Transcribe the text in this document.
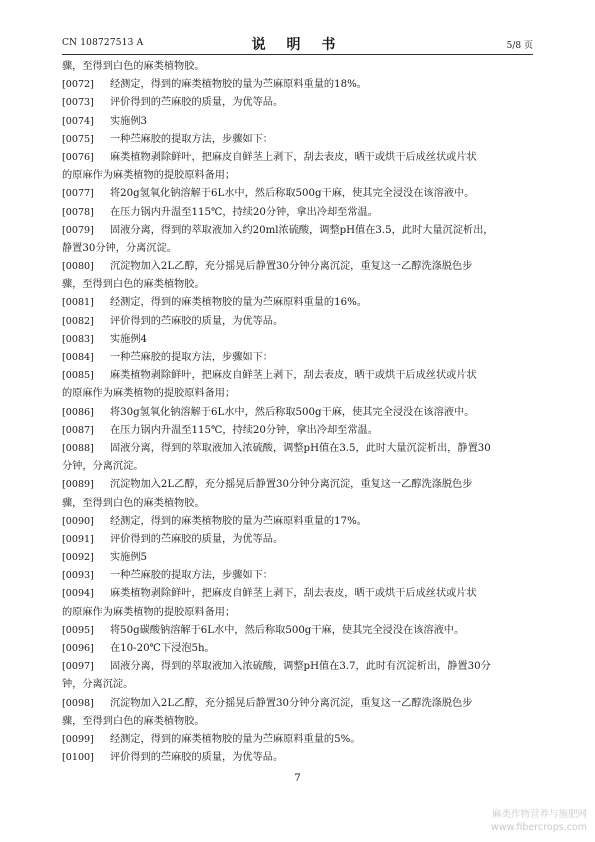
CN 108727513 A	说 明 书	5/8 页
骤，至得到白色的麻类植物胶。
[0072]	经测定，得到的麻类植物胶的量为苎麻原料重量的18%。
[0073]	评价得到的苎麻胶的质量，为优等品。
[0074]	实施例3
[0075]	一种苎麻胶的提取方法，步骤如下：
[0076]	麻类植物剥除鲜叶，把麻皮自鲜茎上剥下，刮去表皮，晒干或烘干后成丝状或片状
的原麻作为麻类植物的提胶原料备用；
[0077]	将20g氢氧化钠溶解于6L水中，然后称取500g干麻，使其完全浸没在该溶液中。
[0078]	在压力锅内升温至115℃，持续20分钟，拿出冷却至常温。
[0079]	固液分离，得到的萃取液加入约20ml浓硫酸，调整pH值在3.5，此时大量沉淀析出，
静置30分钟，分离沉淀。
[0080]	沉淀物加入2L乙醇，充分摇晃后静置30分钟分离沉淀，重复这一乙醇洗涤脱色步
骤，至得到白色的麻类植物胶。
[0081]	经测定，得到的麻类植物胶的量为苎麻原料重量的16%。
[0082]	评价得到的苎麻胶的质量，为优等品。
[0083]	实施例4
[0084]	一种苎麻胶的提取方法，步骤如下：
[0085]	麻类植物剥除鲜叶，把麻皮自鲜茎上剥下，刮去表皮，晒干或烘干后成丝状或片状
的原麻作为麻类植物的提胶原料备用；
[0086]	将30g氢氧化钠溶解于6L水中，然后称取500g干麻，使其完全浸没在该溶液中。
[0087]	在压力锅内升温至115℃，持续20分钟，拿出冷却至常温。
[0088]	固液分离，得到的萃取液加入浓硫酸，调整pH值在3.5，此时大量沉淀析出，静置30
分钟，分离沉淀。
[0089]	沉淀物加入2L乙醇，充分摇晃后静置30分钟分离沉淀，重复这一乙醇洗涤脱色步
骤，至得到白色的麻类植物胶。
[0090]	经测定，得到的麻类植物胶的量为苎麻原料重量的17%。
[0091]	评价得到的苎麻胶的质量，为优等品。
[0092]	实施例5
[0093]	一种苎麻胶的提取方法，步骤如下：
[0094]	麻类植物剥除鲜叶，把麻皮自鲜茎上剥下，刮去表皮，晒干或烘干后成丝状或片状
的原麻作为麻类植物的提胶原料备用；
[0095]	将50g碳酸钠溶解于6L水中，然后称取500g干麻，使其完全浸没在该溶液中。
[0096]	在10-20℃下浸泡5h。
[0097]	固液分离，得到的萃取液加入浓硫酸，调整pH值在3.7，此时有沉淀析出，静置30分
钟，分离沉淀。
[0098]	沉淀物加入2L乙醇，充分摇晃后静置30分钟分离沉淀，重复这一乙醇洗涤脱色步
骤，至得到白色的麻类植物胶。
[0099]	经测定，得到的麻类植物胶的量为苎麻原料重量的5%。
[0100]	评价得到的苎麻胶的质量，为优等品。
7
麻类作物营养与施肥网
www.fibercrops.com
